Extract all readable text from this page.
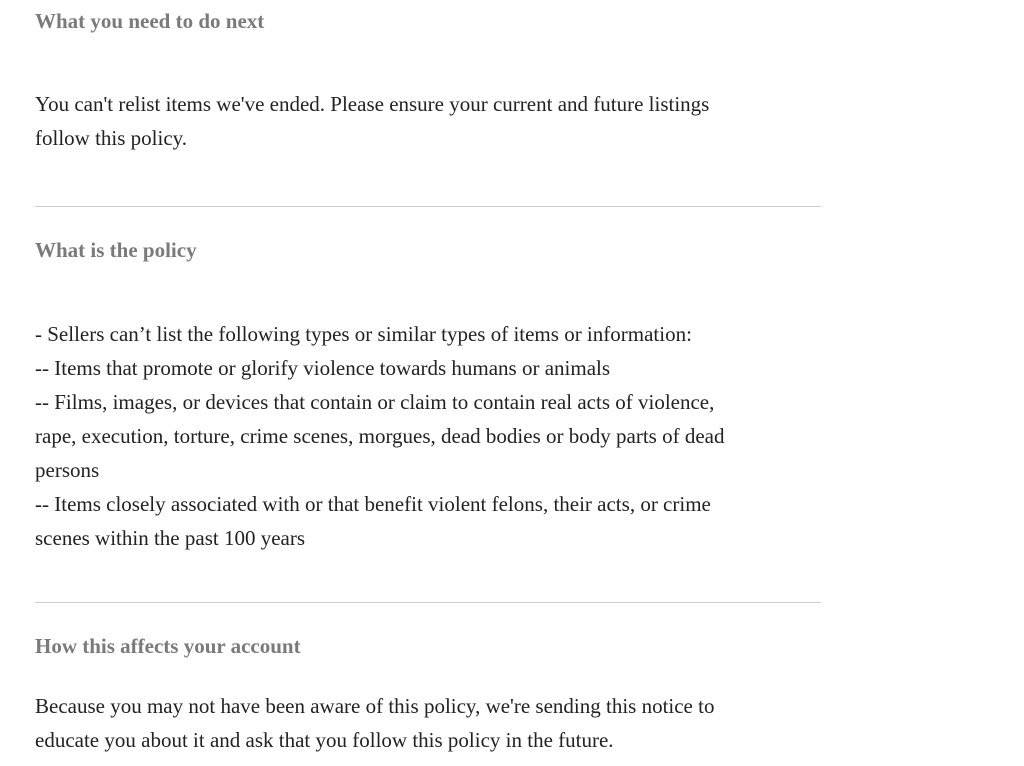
What you need to do next

You can't relist items we've ended. Please ensure your current and future listings
follow this policy.

What is the policy

- Sellers can’t list the following types or similar types of items or information:
-- Items that promote or glorify violence towards humans or animals
-- Films, images, or devices that contain or claim to contain real acts of violence,
rape, execution, torture, crime scenes, morgues, dead bodies or body parts of dead
persons
-- Items closely associated with or that benefit violent felons, their acts, or crime
scenes within the past 100 years

How this affects your account

Because you may not have been aware of this policy, we're sending this notice to
educate you about it and ask that you follow this policy in the future.
